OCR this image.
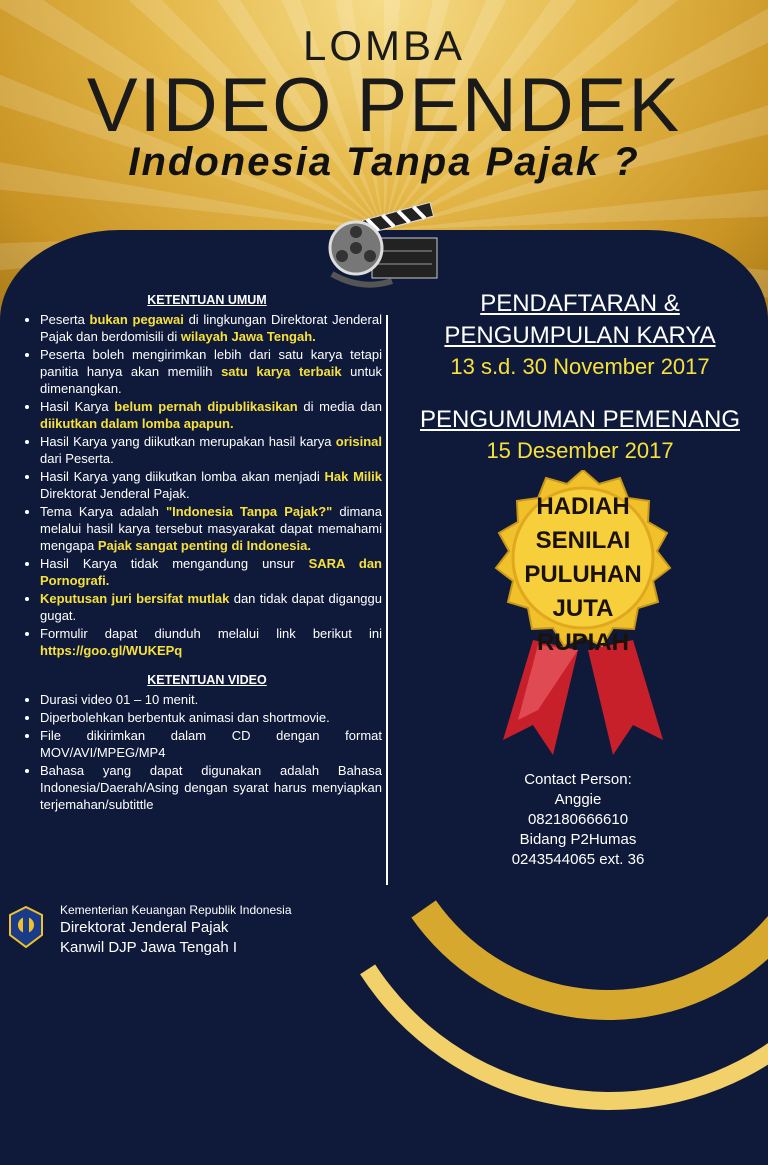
LOMBA
VIDEO PENDEK
Indonesia Tanpa Pajak ?
KETENTUAN UMUM
• Peserta bukan pegawai di lingkungan Direktorat Jenderal Pajak dan berdomisili di wilayah Jawa Tengah.
• Peserta boleh mengirimkan lebih dari satu karya tetapi panitia hanya akan memilih satu karya terbaik untuk dimenangkan.
• Hasil Karya belum pernah dipublikasikan di media dan diikutkan dalam lomba apapun.
• Hasil Karya yang diikutkan merupakan hasil karya orisinal dari Peserta.
• Hasil Karya yang diikutkan lomba akan menjadi Hak Milik Direktorat Jenderal Pajak.
• Tema Karya adalah "Indonesia Tanpa Pajak?" dimana melalui hasil karya tersebut masyarakat dapat memahami mengapa Pajak sangat penting di Indonesia.
• Hasil Karya tidak mengandung unsur SARA dan Pornografi.
• Keputusan juri bersifat mutlak dan tidak dapat diganggu gugat.
• Formulir dapat diunduh melalui link berikut ini https://goo.gl/WUKEPq
KETENTUAN VIDEO
• Durasi video 01 – 10 menit.
• Diperbolehkan berbentuk animasi dan shortmovie.
• File dikirimkan dalam CD dengan format MOV/AVI/MPEG/MP4
• Bahasa yang dapat digunakan adalah Bahasa Indonesia/Daerah/Asing dengan syarat harus menyiapkan terjemahan/subtittle
PENDAFTARAN &
PENGUMPULAN KARYA
13 s.d. 30 November 2017
PENGUMUMAN PEMENANG
15 Desember 2017
HADIAH
SENILAI
PULUHAN
JUTA
RUPIAH
Contact Person:
Anggie
082180666610
Bidang P2Humas
0243544065 ext. 36
Kementerian Keuangan Republik Indonesia
Direktorat Jenderal Pajak
Kanwil DJP Jawa Tengah I
